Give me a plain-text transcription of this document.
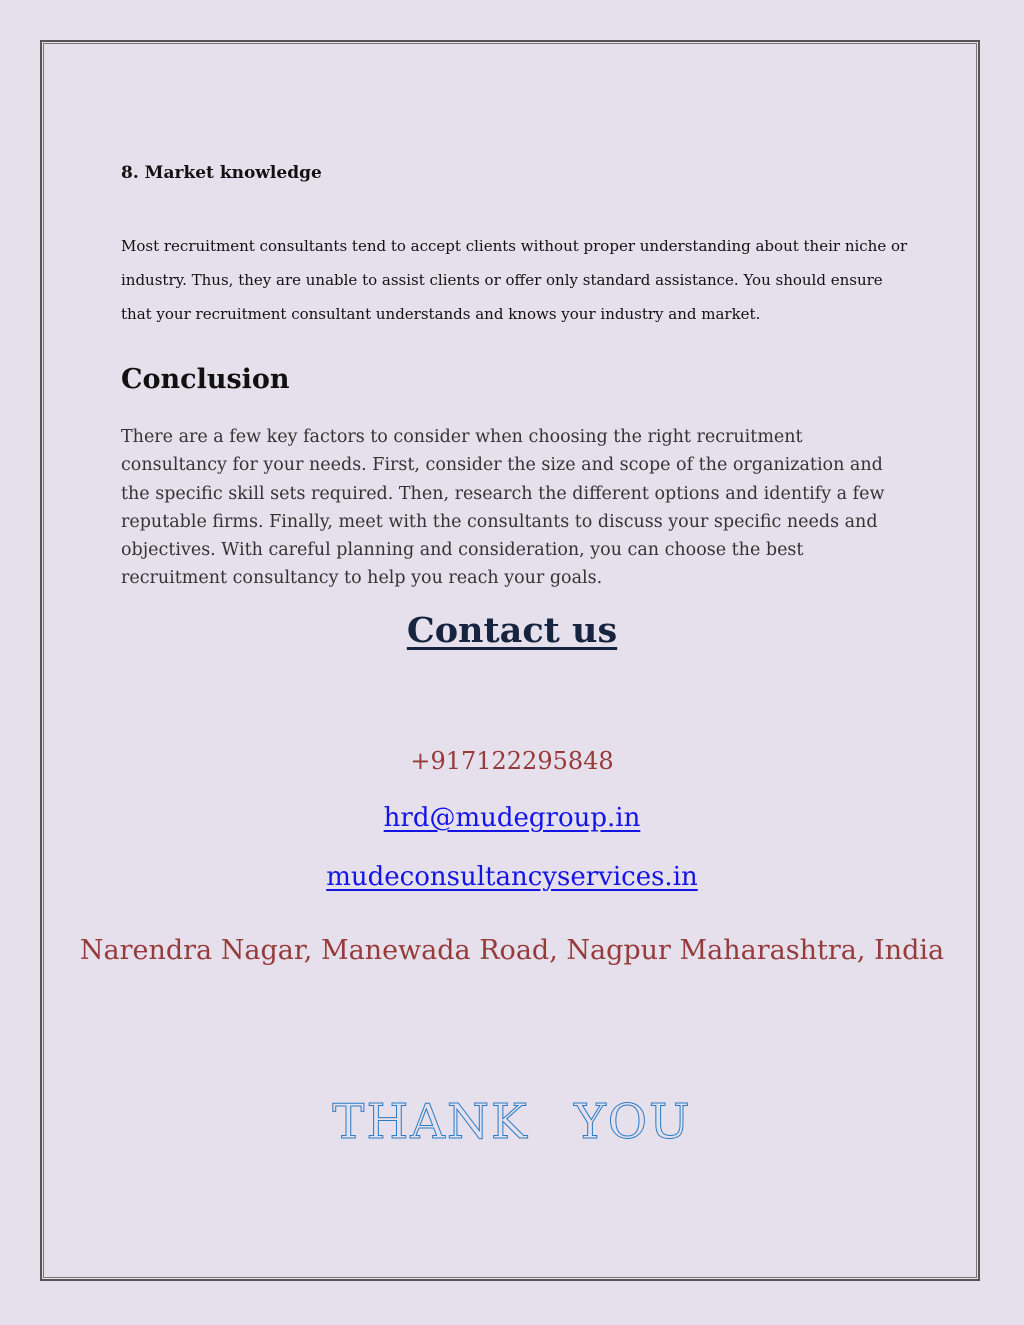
8. Market knowledge
Most recruitment consultants tend to accept clients without proper understanding about their niche or industry. Thus, they are unable to assist clients or offer only standard assistance. You should ensure that your recruitment consultant understands and knows your industry and market.
Conclusion
There are a few key factors to consider when choosing the right recruitment consultancy for your needs. First, consider the size and scope of the organization and the specific skill sets required. Then, research the different options and identify a few reputable firms. Finally, meet with the consultants to discuss your specific needs and objectives. With careful planning and consideration, you can choose the best recruitment consultancy to help you reach your goals.
Contact us
+917122295848
hrd@mudegroup.in
mudeconsultancyservices.in
Narendra Nagar, Manewada Road, Nagpur Maharashtra, India
THANK YOU
